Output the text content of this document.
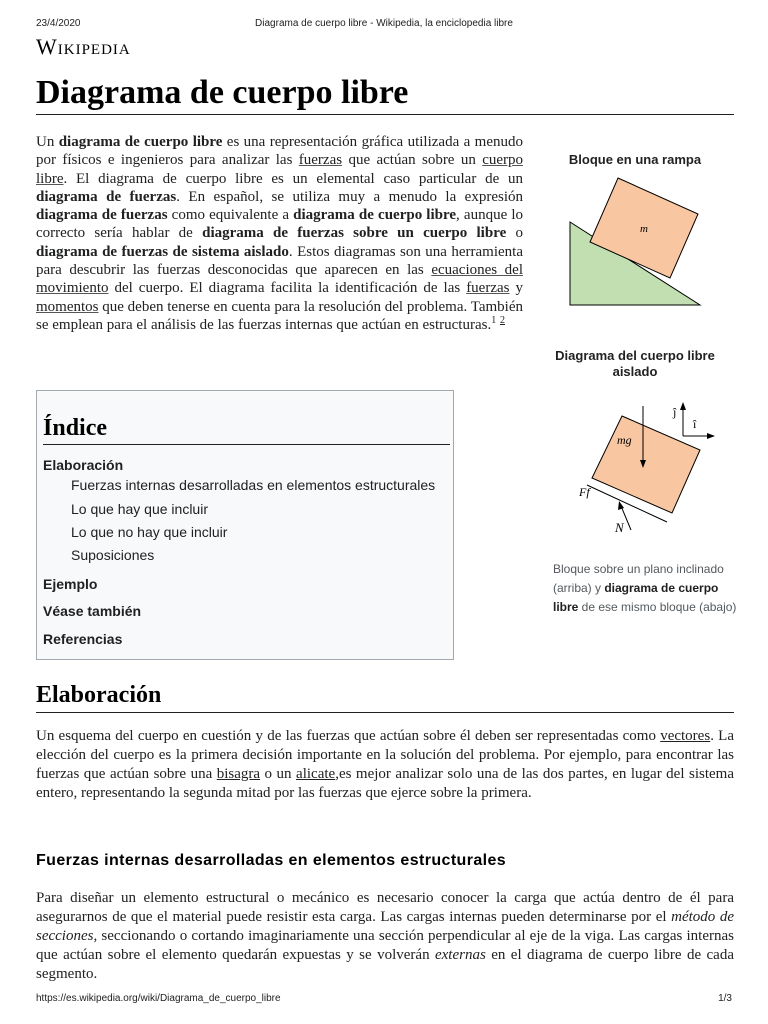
23/4/2020	Diagrama de cuerpo libre - Wikipedia, la enciclopedia libre
Wikipedia
Diagrama de cuerpo libre

Un diagrama de cuerpo libre es una representación gráfica utilizada a menudo por físicos e ingenieros para analizar las fuerzas que actúan sobre un cuerpo libre. El diagrama de cuerpo libre es un elemental caso particular de un diagrama de fuerzas. En español, se utiliza muy a menudo la expresión diagrama de fuerzas como equivalente a diagrama de cuerpo libre, aunque lo correcto sería hablar de diagrama de fuerzas sobre un cuerpo libre o diagrama de fuerzas de sistema aislado. Estos diagramas son una herramienta para descubrir las fuerzas desconocidas que aparecen en las ecuaciones del movimiento del cuerpo. El diagrama facilita la identificación de las fuerzas y momentos que deben tenerse en cuenta para la resolución del problema. También se emplean para el análisis de las fuerzas internas que actúan en estructuras.$^1$ $^2$

Bloque en una rampa
m
Diagrama del cuerpo libre aislado
ĵ
î
mg
N
Ff
Bloque sobre un plano inclinado (arriba) y diagrama de cuerpo libre de ese mismo bloque (abajo)
Índice
Elaboración
Fuerzas internas desarrolladas en elementos estructurales
Lo que hay que incluir
Lo que no hay que incluir
Suposiciones
Ejemplo
Véase también
Referencias
Elaboración

Un esquema del cuerpo en cuestión y de las fuerzas que actúan sobre él deben ser representadas como vectores. La elección del cuerpo es la primera decisión importante en la solución del problema. Por ejemplo, para encontrar las fuerzas que actúan sobre una bisagra o un alicate,es mejor analizar solo una de las dos partes, en lugar del sistema entero, representando la segunda mitad por las fuerzas que ejerce sobre la primera.

Fuerzas internas desarrolladas en elementos estructurales

Para diseñar un elemento estructural o mecánico es necesario conocer la carga que actúa dentro de él para asegurarnos de que el material puede resistir esta carga. Las cargas internas pueden determinarse por el método de secciones, seccionando o cortando imaginariamente una sección perpendicular al eje de la viga. Las cargas internas que actúan sobre el elemento quedarán expuestas y se volverán externas en el diagrama de cuerpo libre de cada segmento.

https://es.wikipedia.org/wiki/Diagrama_de_cuerpo_libre	1/3
